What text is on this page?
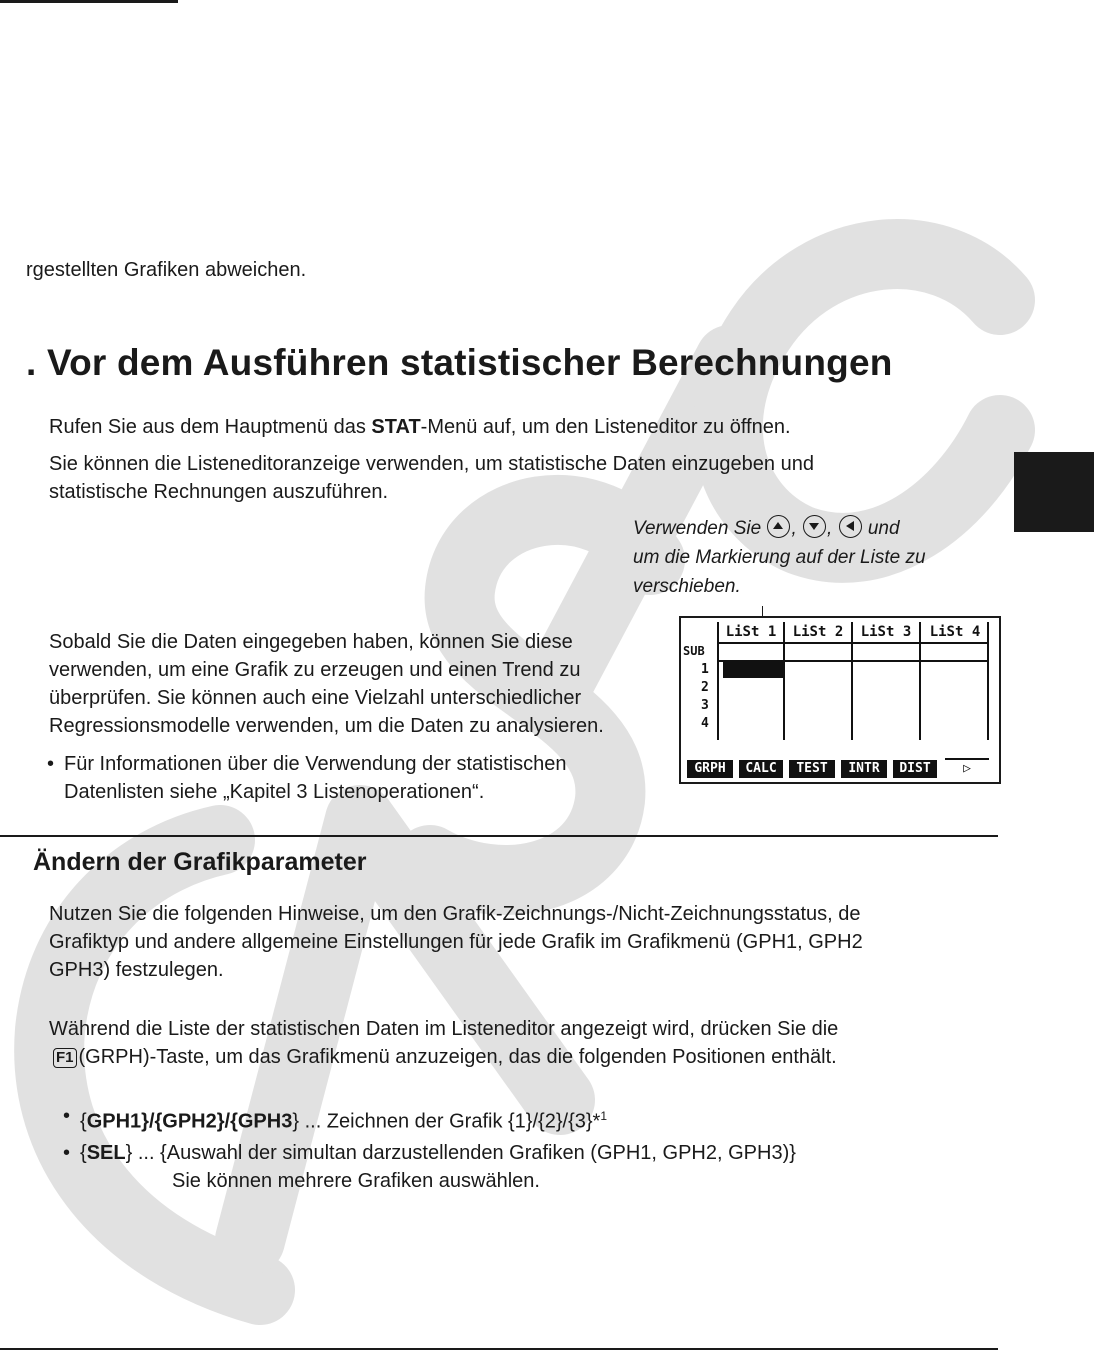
rgestellten Grafiken abweichen.
. Vor dem Ausführen statistischer Berechnungen
Rufen Sie aus dem Hauptmenü das STAT-Menü auf, um den Listeneditor zu öffnen.
Sie können die Listeneditoranzeige verwenden, um statistische Daten einzugeben und
statistische Rechnungen auszuführen.
Verwenden Sie
, ,
und
um die Markierung auf der Liste zu
verschieben.
LiSt 1	LiSt 2	LiSt 3	LiSt 4
SUB
1
2
3
4
GRPH	CALC	TEST	INTR	DIST	▷
Sobald Sie die Daten eingegeben haben, können Sie diese
verwenden, um eine Grafik zu erzeugen und einen Trend zu
überprüfen. Sie können auch eine Vielzahl unterschiedlicher
Regressionsmodelle verwenden, um die Daten zu analysieren.
• Für Informationen über die Verwendung der statistischen
Datenlisten siehe „Kapitel 3 Listenoperationen“.
Ändern der Grafikparameter
Nutzen Sie die folgenden Hinweise, um den Grafik-Zeichnungs-/Nicht-Zeichnungsstatus, de
Grafiktyp und andere allgemeine Einstellungen für jede Grafik im Grafikmenü (GPH1, GPH2
GPH3) festzulegen.
Während die Liste der statistischen Daten im Listeneditor angezeigt wird, drücken Sie die
F1 (GRPH)-Taste, um das Grafikmenü anzuzeigen, das die folgenden Positionen enthält.
• {GPH1}/{GPH2}/{GPH3} ... Zeichnen der Grafik {1}/{2}/{3}*$^1$
• {SEL} ... {Auswahl der simultan darzustellenden Grafiken (GPH1, GPH2, GPH3)}
Sie können mehrere Grafiken auswählen.
